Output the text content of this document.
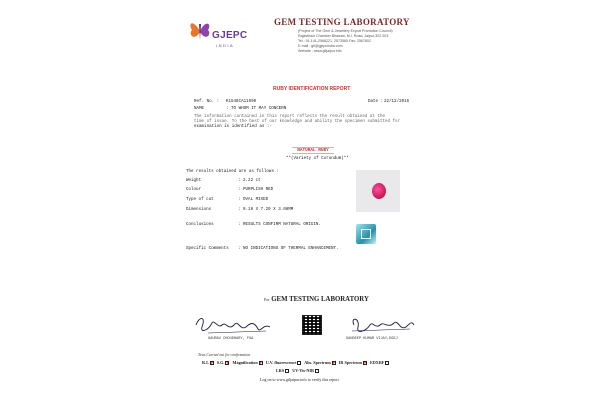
GJEPC
INDIA
GEM TESTING LABORATORY
(Project of The Gem & Jewellery Export Promotion Council)
Rajasthani Chamber Bhawan, M.I. Road, Jaipur-302 003
Tel.: 91-141-2568221, 2573565 Fax: 2567802
E-mail : gtl@gjepcindia.com
Website : www.gtljaipur.info
RUBY IDENTIFICATION REPORT
Ref. No. : K1548CA11690	Date : 22/12/2016
NAME	: TO WHOM IT MAY CONCERN
The information contained in this report reflects the result obtained at the
time of issue. To the best of our knowledge and ability the specimen submitted for
examination is identified as :-
NATURAL RUBY
**(Variety of Corundum)**
The results obtained are as follows :
Weight	: 2.22 ct
Colour	: PURPLISH RED
Type of cut	: OVAL MIXED
Dimensions	: 9.18 X 7.20 X 3.08MM
Conclusions	: RESULTS CONFIRM NATURAL ORIGIN.
Specific Comments : NO INDICATIONS OF THERMAL ENHANCEMENT.
For GEM TESTING LABORATORY
GAURAV CHOUDHARY, FGA	SANDEEP KUMAR VIJAY,DGEJ
Tests Carried out for confirmation
R.I. ✓ S.G. ✓ Magnification ✓ U.V. fluorescence Abs. Spectrum ✓ IR Spectrum ✓ EDXRF
LRS UV-Vis-NIR
Log on to www.gtljaipur.info to verify this report
